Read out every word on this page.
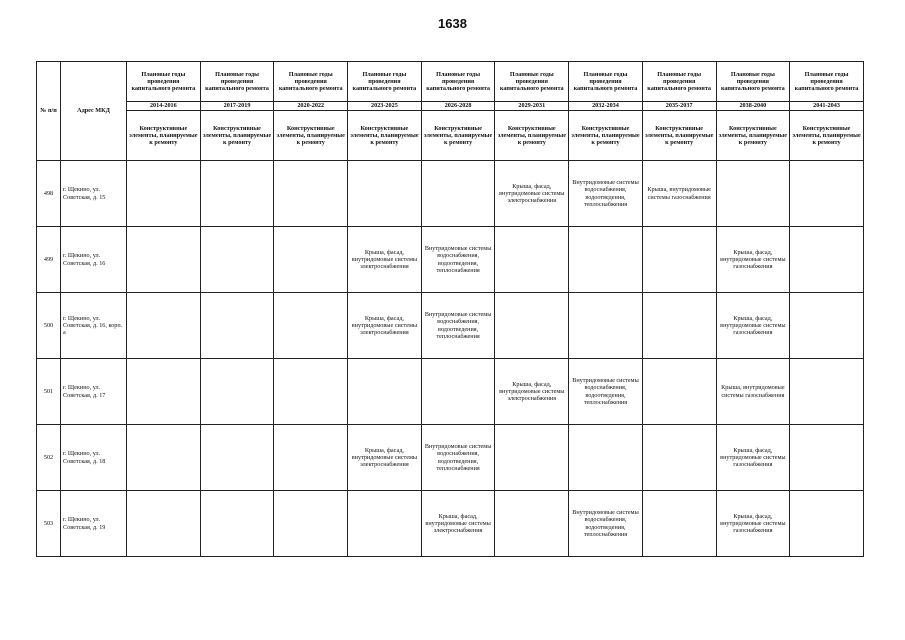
1638
№ п/п	Адрес МКД	Плановые годы проведения капитального ремонта	Плановые годы проведения капитального ремонта	Плановые годы проведения капитального ремонта	Плановые годы проведения капитального ремонта	Плановые годы проведения капитального ремонта	Плановые годы проведения капитального ремонта	Плановые годы проведения капитального ремонта	Плановые годы проведения капитального ремонта	Плановые годы проведения капитального ремонта	Плановые годы проведения капитального ремонта
		2014-2016	2017-2019	2020-2022	2023-2025	2026-2028	2029-2031	2032-2034	2035-2037	2038-2040	2041-2043
		Конструктивные элементы, планируемые к ремонту	Конструктивные элементы, планируемые к ремонту	Конструктивные элементы, планируемые к ремонту	Конструктивные элементы, планируемые к ремонту	Конструктивные элементы, планируемые к ремонту	Конструктивные элементы, планируемые к ремонту	Конструктивные элементы, планируемые к ремонту	Конструктивные элементы, планируемые к ремонту	Конструктивные элементы, планируемые к ремонту	Конструктивные элементы, планируемые к ремонту
498	г. Щекино, ул. Советская, д. 15						Крыша, фасад, внутридомовые системы электроснабжения	Внутридомовые системы водоснабжения, водоотведения, теплоснабжения	Крыша, внутридомовые системы газоснабжения		
499	г. Щекино, ул. Советская, д. 16				Крыша, фасад, внутридомовые системы электроснабжения	Внутридомовые системы водоснабжения, водоотведения, теплоснабжения				Крыша, фасад, внутридомовые системы газоснабжения	
500	г. Щекино, ул. Советская, д. 16, корп. а				Крыша, фасад, внутридомовые системы электроснабжения	Внутридомовые системы водоснабжения, водоотведения, теплоснабжения				Крыша, фасад, внутридомовые системы газоснабжения	
501	г. Щекино, ул. Советская, д. 17						Крыша, фасад, внутридомовые системы электроснабжения	Внутридомовые системы водоснабжения, водоотведения, теплоснабжения		Крыша, внутридомовые системы газоснабжения	
502	г. Щекино, ул. Советская, д. 18				Крыша, фасад, внутридомовые системы электроснабжения	Внутридомовые системы водоснабжения, водоотведения, теплоснабжения				Крыша, фасад, внутридомовые системы газоснабжения	
503	г. Щекино, ул. Советская, д. 19					Крыша, фасад, внутридомовые системы электроснабжения		Внутридомовые системы водоснабжения, водоотведения, теплоснабжения		Крыша, фасад, внутридомовые системы газоснабжения	
